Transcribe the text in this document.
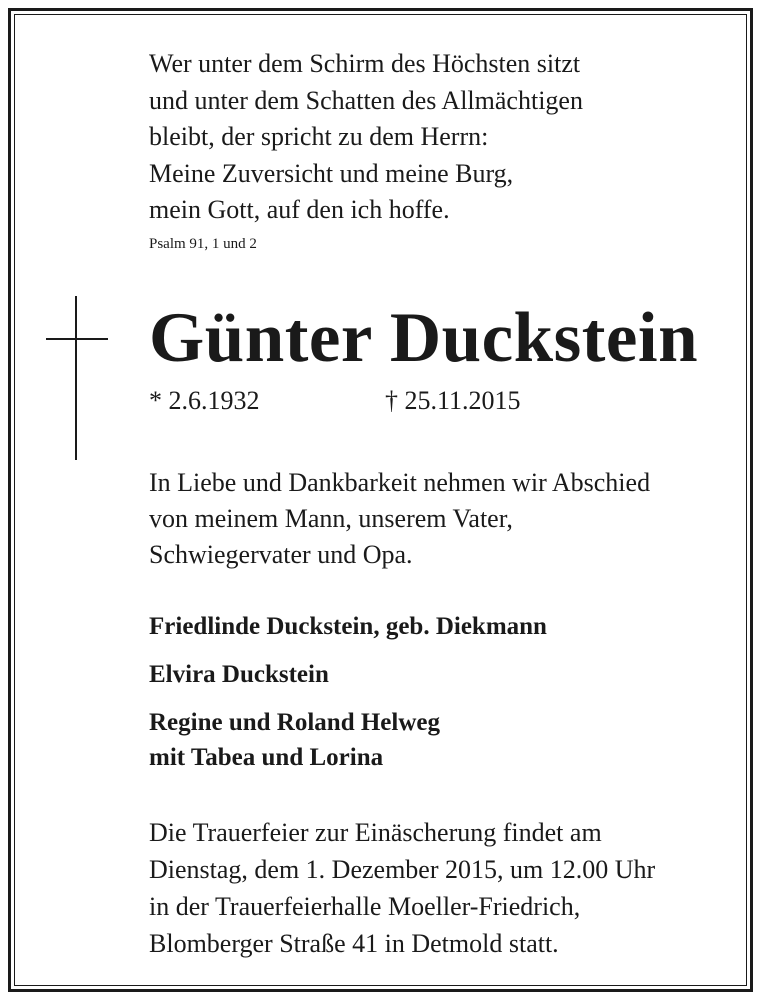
Wer unter dem Schirm des Höchsten sitzt
und unter dem Schatten des Allmächtigen
bleibt, der spricht zu dem Herrn:
Meine Zuversicht und meine Burg,
mein Gott, auf den ich hoffe.
Psalm 91, 1 und 2
Günter Duckstein
* 2.6.1932	† 25.11.2015
In Liebe und Dankbarkeit nehmen wir Abschied
von meinem Mann, unserem Vater,
Schwiegervater und Opa.
Friedlinde Duckstein, geb. Diekmann
Elvira Duckstein
Regine und Roland Helweg
mit Tabea und Lorina
Die Trauerfeier zur Einäscherung findet am
Dienstag, dem 1. Dezember 2015, um 12.00 Uhr
in der Trauerfeierhalle Moeller-Friedrich,
Blomberger Straße 41 in Detmold statt.
